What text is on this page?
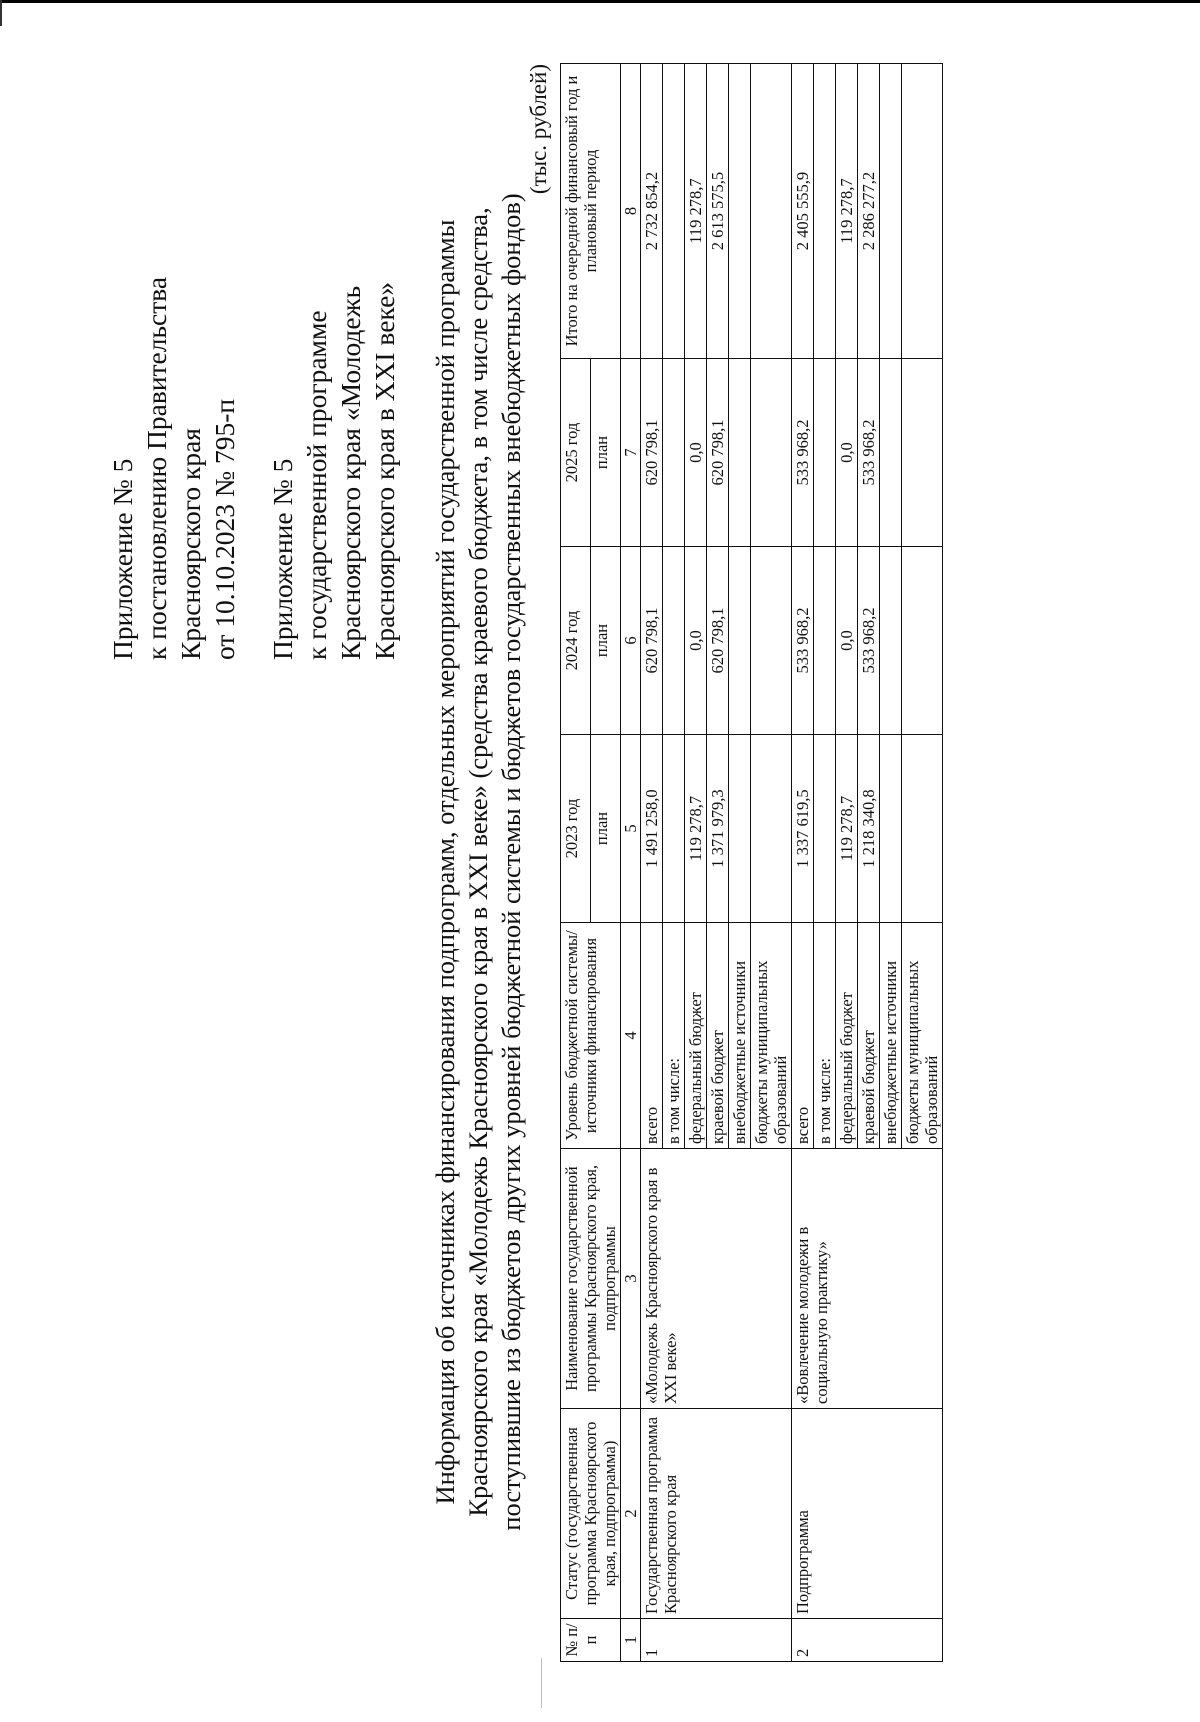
Приложение № 5 к постановлению Правительства Красноярского края от 10.10.2023 № 795-п Приложение № 5 к государственной программе Красноярского края «Молодежь Красноярского края в XXI веке» Информация об источниках финансирования подпрограмм, отдельных мероприятий государственной программы Красноярского края «Молодежь Красноярского края в XXI веке» (средства краевого бюджета, в том числе средства, поступившие из бюджетов других уровней бюджетной системы и бюджетов государственных внебюджетных фондов)
(тыс. рублей)
№ п/п	Статус (государственная программа Красноярского края, подпрограмма)	Наименование государственной программы Красноярского края, подпрограммы	Уровень бюджетной системы/источники финансирования	2023 год	2024 год	2025 год	Итого на очередной финансовый год и плановый период
				план	план	план	
1	2	3	4	5	6	7	8
1	Государственная программа Красноярского края	«Молодежь Красноярского края в XXI веке»	всего	1 491 258,0	620 798,1	620 798,1	2 732 854,2
			в том числе:				
			федеральный бюджет	119 278,7	0,0	0,0	119 278,7
			краевой бюджет	1 371 979,3	620 798,1	620 798,1	2 613 575,5
			внебюджетные источники				
			бюджеты муниципальных образований				
2	Подпрограмма	«Вовлечение молодежи в социальную практику»	всего	1 337 619,5	533 968,2	533 968,2	2 405 555,9
			в том числе:				
			федеральный бюджет	119 278,7	0,0	0,0	119 278,7
			краевой бюджет	1 218 340,8	533 968,2	533 968,2	2 286 277,2
			внебюджетные источники				
			бюджеты муниципальных образований				
